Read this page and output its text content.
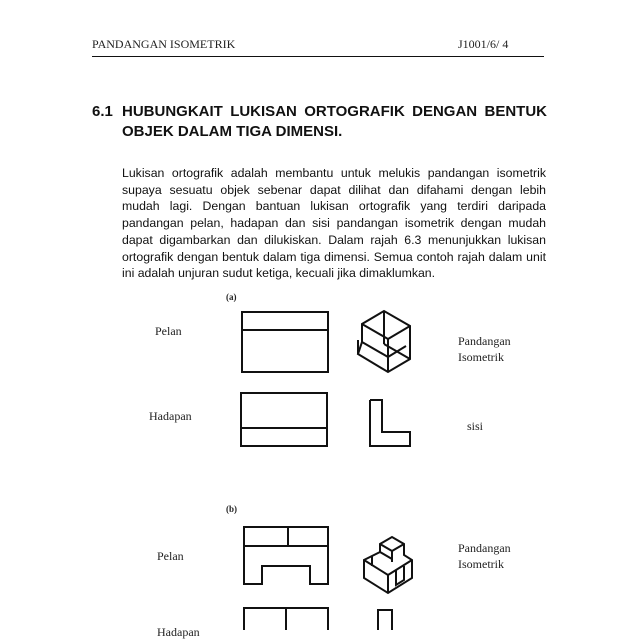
PANDANGAN ISOMETRIK	J1001/6/ 4
6.1 HUBUNGKAIT LUKISAN ORTOGRAFIK DENGAN BENTUK OBJEK DALAM TIGA DIMENSI.
Lukisan ortografik adalah membantu untuk melukis pandangan isometrik supaya sesuatu objek sebenar dapat dilihat dan difahami dengan lebih mudah lagi. Dengan bantuan lukisan ortografik yang terdiri daripada pandangan pelan, hadapan dan sisi pandangan isometrik dengan mudah dapat digambarkan dan dilukiskan. Dalam rajah 6.3 menunjukkan lukisan ortografik dengan bentuk dalam tiga dimensi. Semua contoh rajah dalam unit ini adalah unjuran sudut ketiga, kecuali jika dimaklumkan.
(a)
Pelan
Hadapan
Pandangan
Isometrik
sisi
(b)
Pelan
Hadapan
Pandangan
Isometrik
